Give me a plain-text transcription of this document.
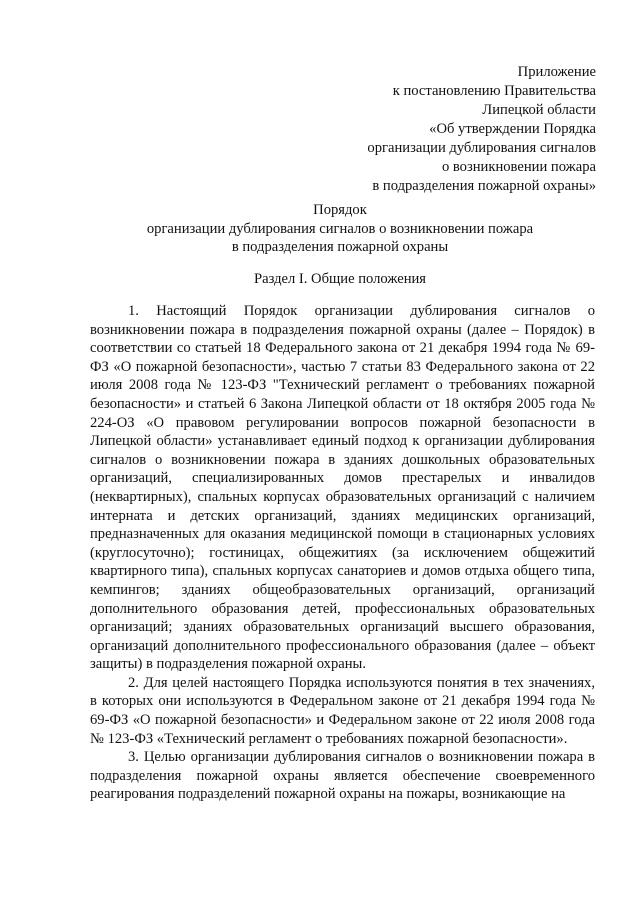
Приложение
к постановлению Правительства
Липецкой области
«Об утверждении Порядка
организации дублирования сигналов
о возникновении пожара
в подразделения пожарной охраны»
Порядок
организации дублирования сигналов о возникновении пожара
в подразделения пожарной охраны
Раздел I. Общие положения

1. Настоящий Порядок организации дублирования сигналов о возникновении пожара в подразделения пожарной охраны (далее – Порядок) в соответствии со статьей 18 Федерального закона от 21 декабря 1994 года № 69-ФЗ «О пожарной безопасности», частью 7 статьи 83 Федерального закона от 22 июля 2008 года № 123-ФЗ "Технический регламент о требованиях пожарной безопасности» и статьей 6 Закона Липецкой области от 18 октября 2005 года № 224-ОЗ «О правовом регулировании вопросов пожарной безопасности в Липецкой области» устанавливает единый подход к организации дублирования сигналов о возникновении пожара в зданиях дошкольных образовательных организаций, специализированных домов престарелых и инвалидов (неквартирных), спальных корпусах образовательных организаций с наличием интерната и детских организаций, зданиях медицинских организаций, предназначенных для оказания медицинской помощи в стационарных условиях (круглосуточно); гостиницах, общежитиях (за исключением общежитий квартирного типа), спальных корпусах санаториев и домов отдыха общего типа, кемпингов; зданиях общеобразовательных организаций, организаций дополнительного образования детей, профессиональных образовательных организаций; зданиях образовательных организаций высшего образования, организаций дополнительного профессионального образования (далее – объект защиты) в подразделения пожарной охраны.

2. Для целей настоящего Порядка используются понятия в тех значениях, в которых они используются в Федеральном законе от 21 декабря 1994 года № 69-ФЗ «О пожарной безопасности» и Федеральном законе от 22 июля 2008 года № 123-ФЗ «Технический регламент о требованиях пожарной безопасности».

3. Целью организации дублирования сигналов о возникновении пожара в подразделения пожарной охраны является обеспечение своевременного реагирования подразделений пожарной охраны на пожары, возникающие на
